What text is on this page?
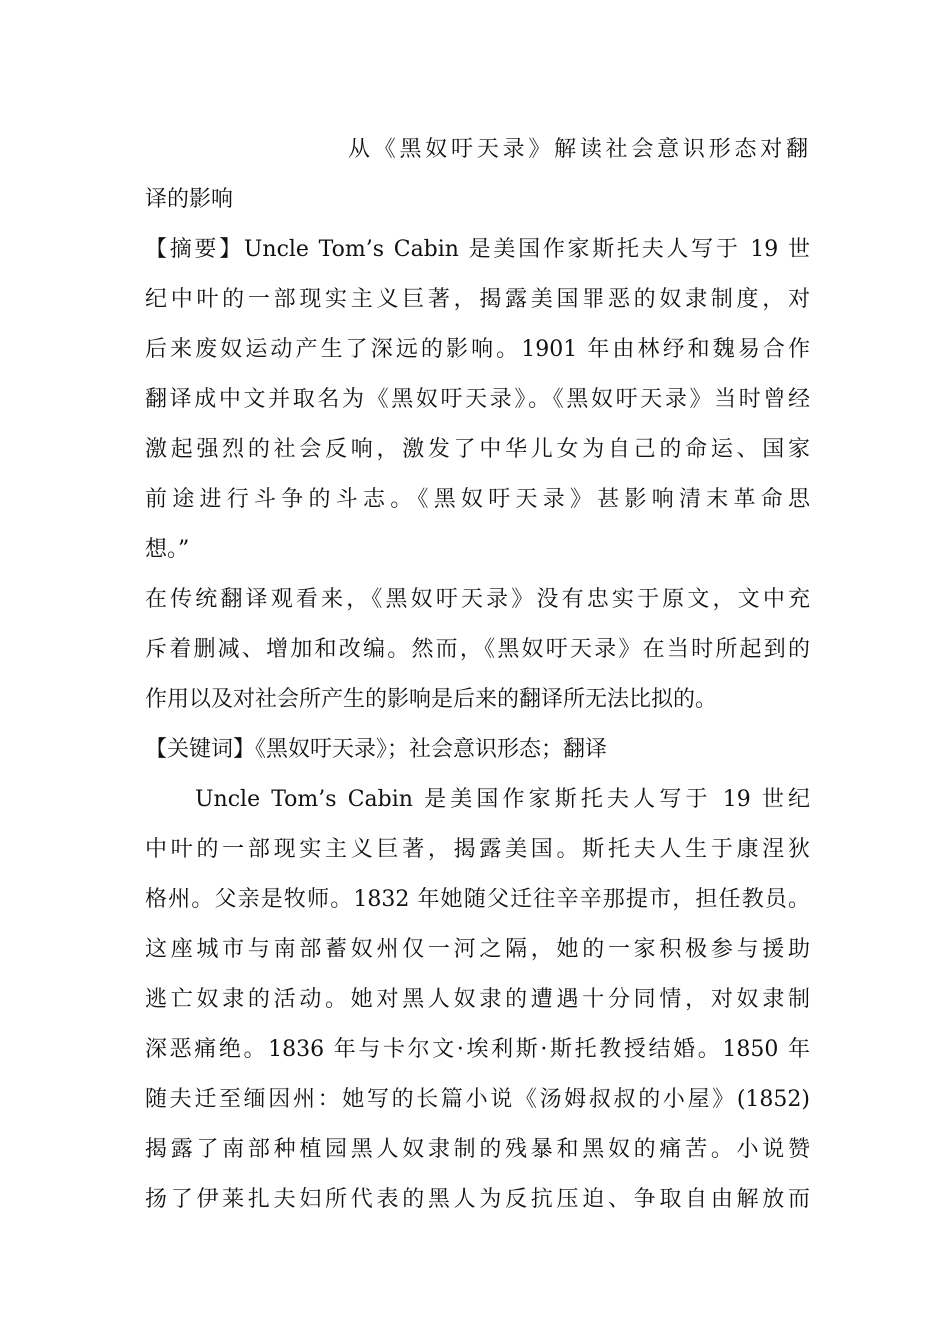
从《黑奴吁天录》解读社会意识形态对翻
译的影响
【摘要】Uncle Tom’s Cabin 是美国作家斯托夫人写于 19 世
纪中叶的一部现实主义巨著，揭露美国罪恶的奴隶制度，对
后来废奴运动产生了深远的影响。1901 年由林纾和魏易合作
翻译成中文并取名为《黑奴吁天录》。《黑奴吁天录》当时曾经
激起强烈的社会反响，激发了中华儿女为自己的命运、国家
前途进行斗争的斗志。《黑奴吁天录》甚影响清末革命思
想。”
在传统翻译观看来，《黑奴吁天录》没有忠实于原文，文中充
斥着删减、增加和改编。然而，《黑奴吁天录》在当时所起到的
作用以及对社会所产生的影响是后来的翻译所无法比拟的。
【关键词】《黑奴吁天录》；社会意识形态；翻译
Uncle Tom’s Cabin 是美国作家斯托夫人写于 19 世纪
中叶的一部现实主义巨著，揭露美国。斯托夫人生于康涅狄
格州。父亲是牧师。1832 年她随父迁往辛辛那提市，担任教员。
这座城市与南部蓄奴州仅一河之隔，她的一家积极参与援助
逃亡奴隶的活动。她对黑人奴隶的遭遇十分同情，对奴隶制
深恶痛绝。1836 年与卡尔文·埃利斯·斯托教授结婚。1850 年
随夫迁至缅因州：她写的长篇小说《汤姆叔叔的小屋》(1852)
揭露了南部种植园黑人奴隶制的残暴和黑奴的痛苦。小说赞
扬了伊莱扎夫妇所代表的黑人为反抗压迫、争取自由解放而
